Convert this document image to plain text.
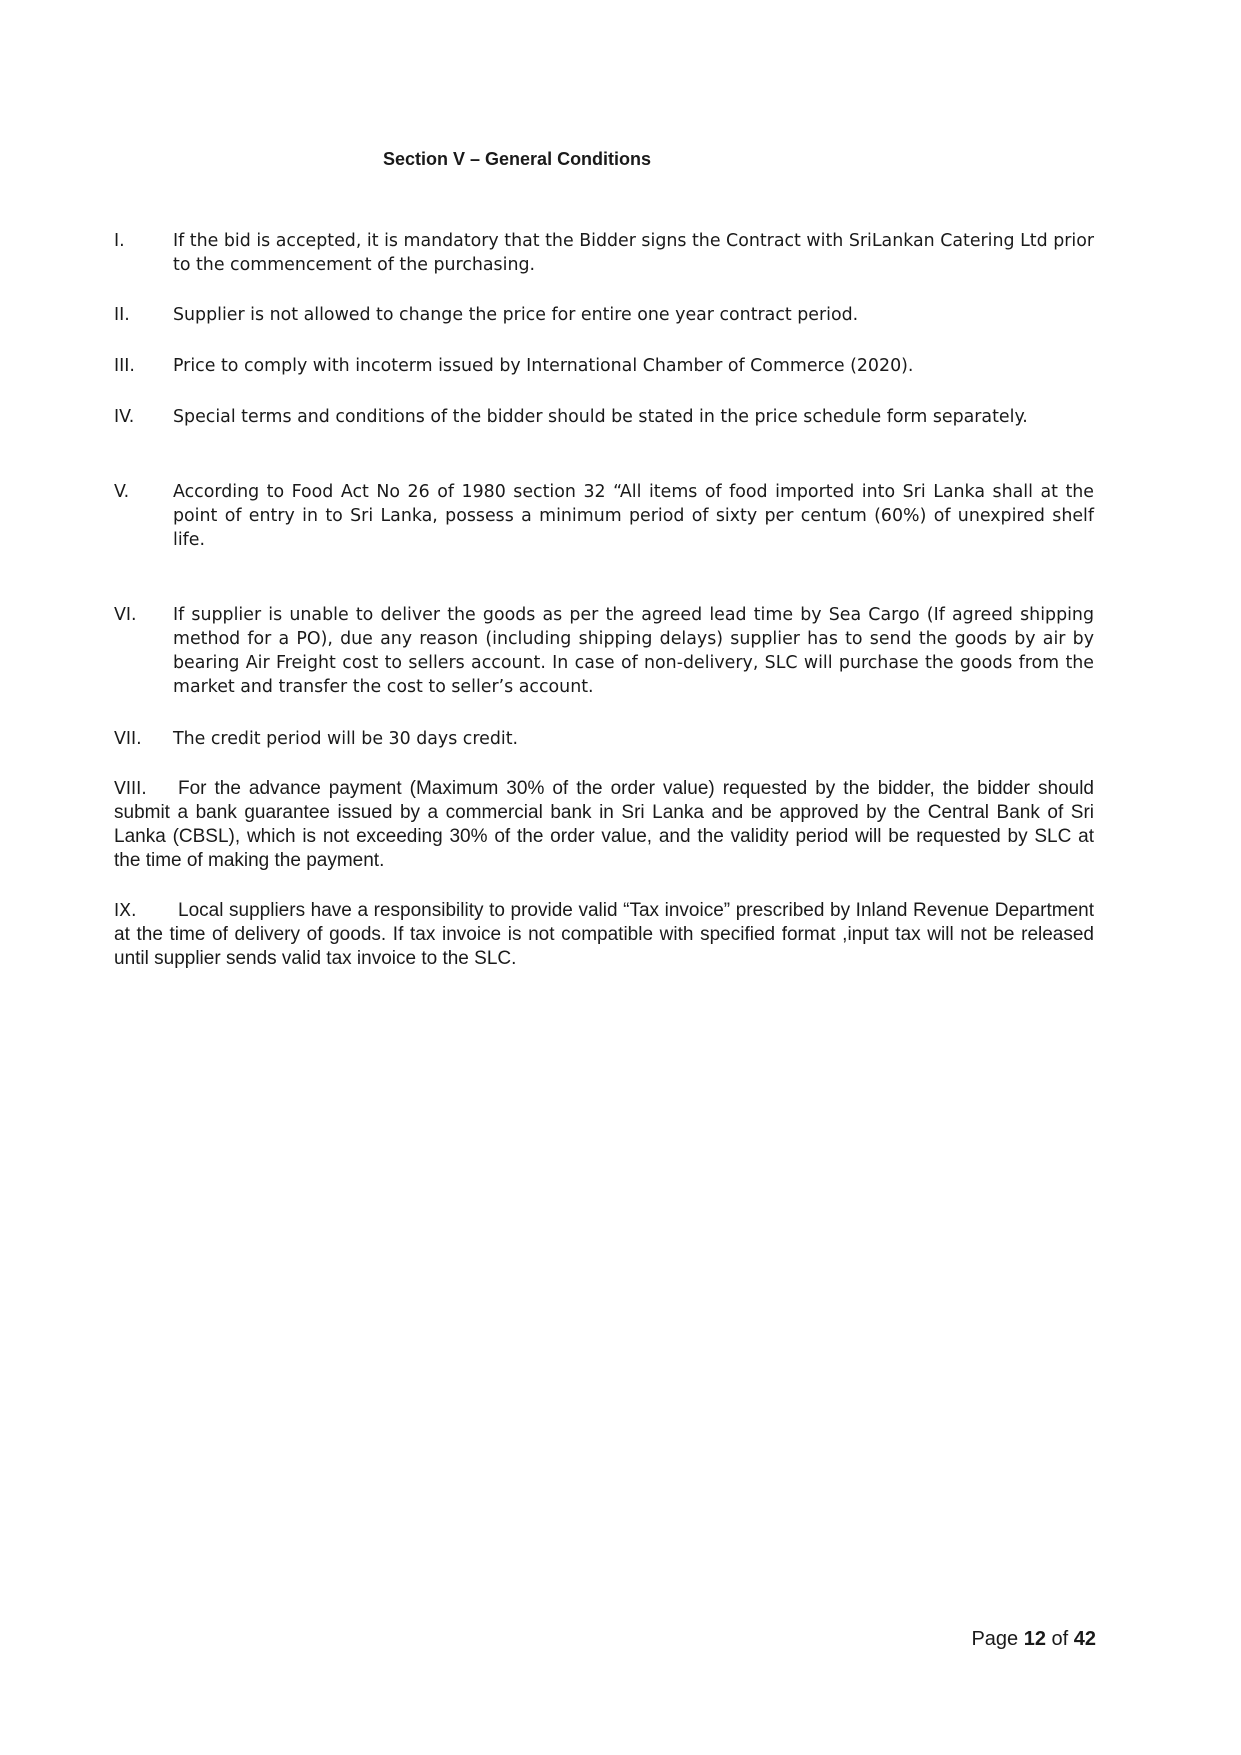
Section V – General Conditions
I.	If the bid is accepted, it is mandatory that the Bidder signs the Contract with SriLankan Catering Ltd prior to the commencement of the purchasing.
II.	Supplier is not allowed to change the price for entire one year contract period.
III.	Price to comply with incoterm issued by International Chamber of Commerce (2020).
IV.	Special terms and conditions of the bidder should be stated in the price schedule form separately.
V.	According to Food Act No 26 of 1980 section 32 “All items of food imported into Sri Lanka shall at the point of entry in to Sri Lanka, possess a minimum period of sixty per centum (60%) of unexpired shelf life.
VI.	If supplier is unable to deliver the goods as per the agreed lead time by Sea Cargo (If agreed shipping method for a PO), due any reason (including shipping delays) supplier has to send the goods by air by bearing Air Freight cost to sellers account. In case of non-delivery, SLC will purchase the goods from the market and transfer the cost to seller’s account.
VII.	The credit period will be 30 days credit.
VIII. For the advance payment (Maximum 30% of the order value) requested by the bidder, the bidder should submit a bank guarantee issued by a commercial bank in Sri Lanka and be approved by the Central Bank of Sri Lanka (CBSL), which is not exceeding 30% of the order value, and the validity period will be requested by SLC at the time of making the payment.
IX. Local suppliers have a responsibility to provide valid “Tax invoice” prescribed by Inland Revenue Department at the time of delivery of goods. If tax invoice is not compatible with specified format ,input tax will not be released until supplier sends valid tax invoice to the SLC.
Page 12 of 42
